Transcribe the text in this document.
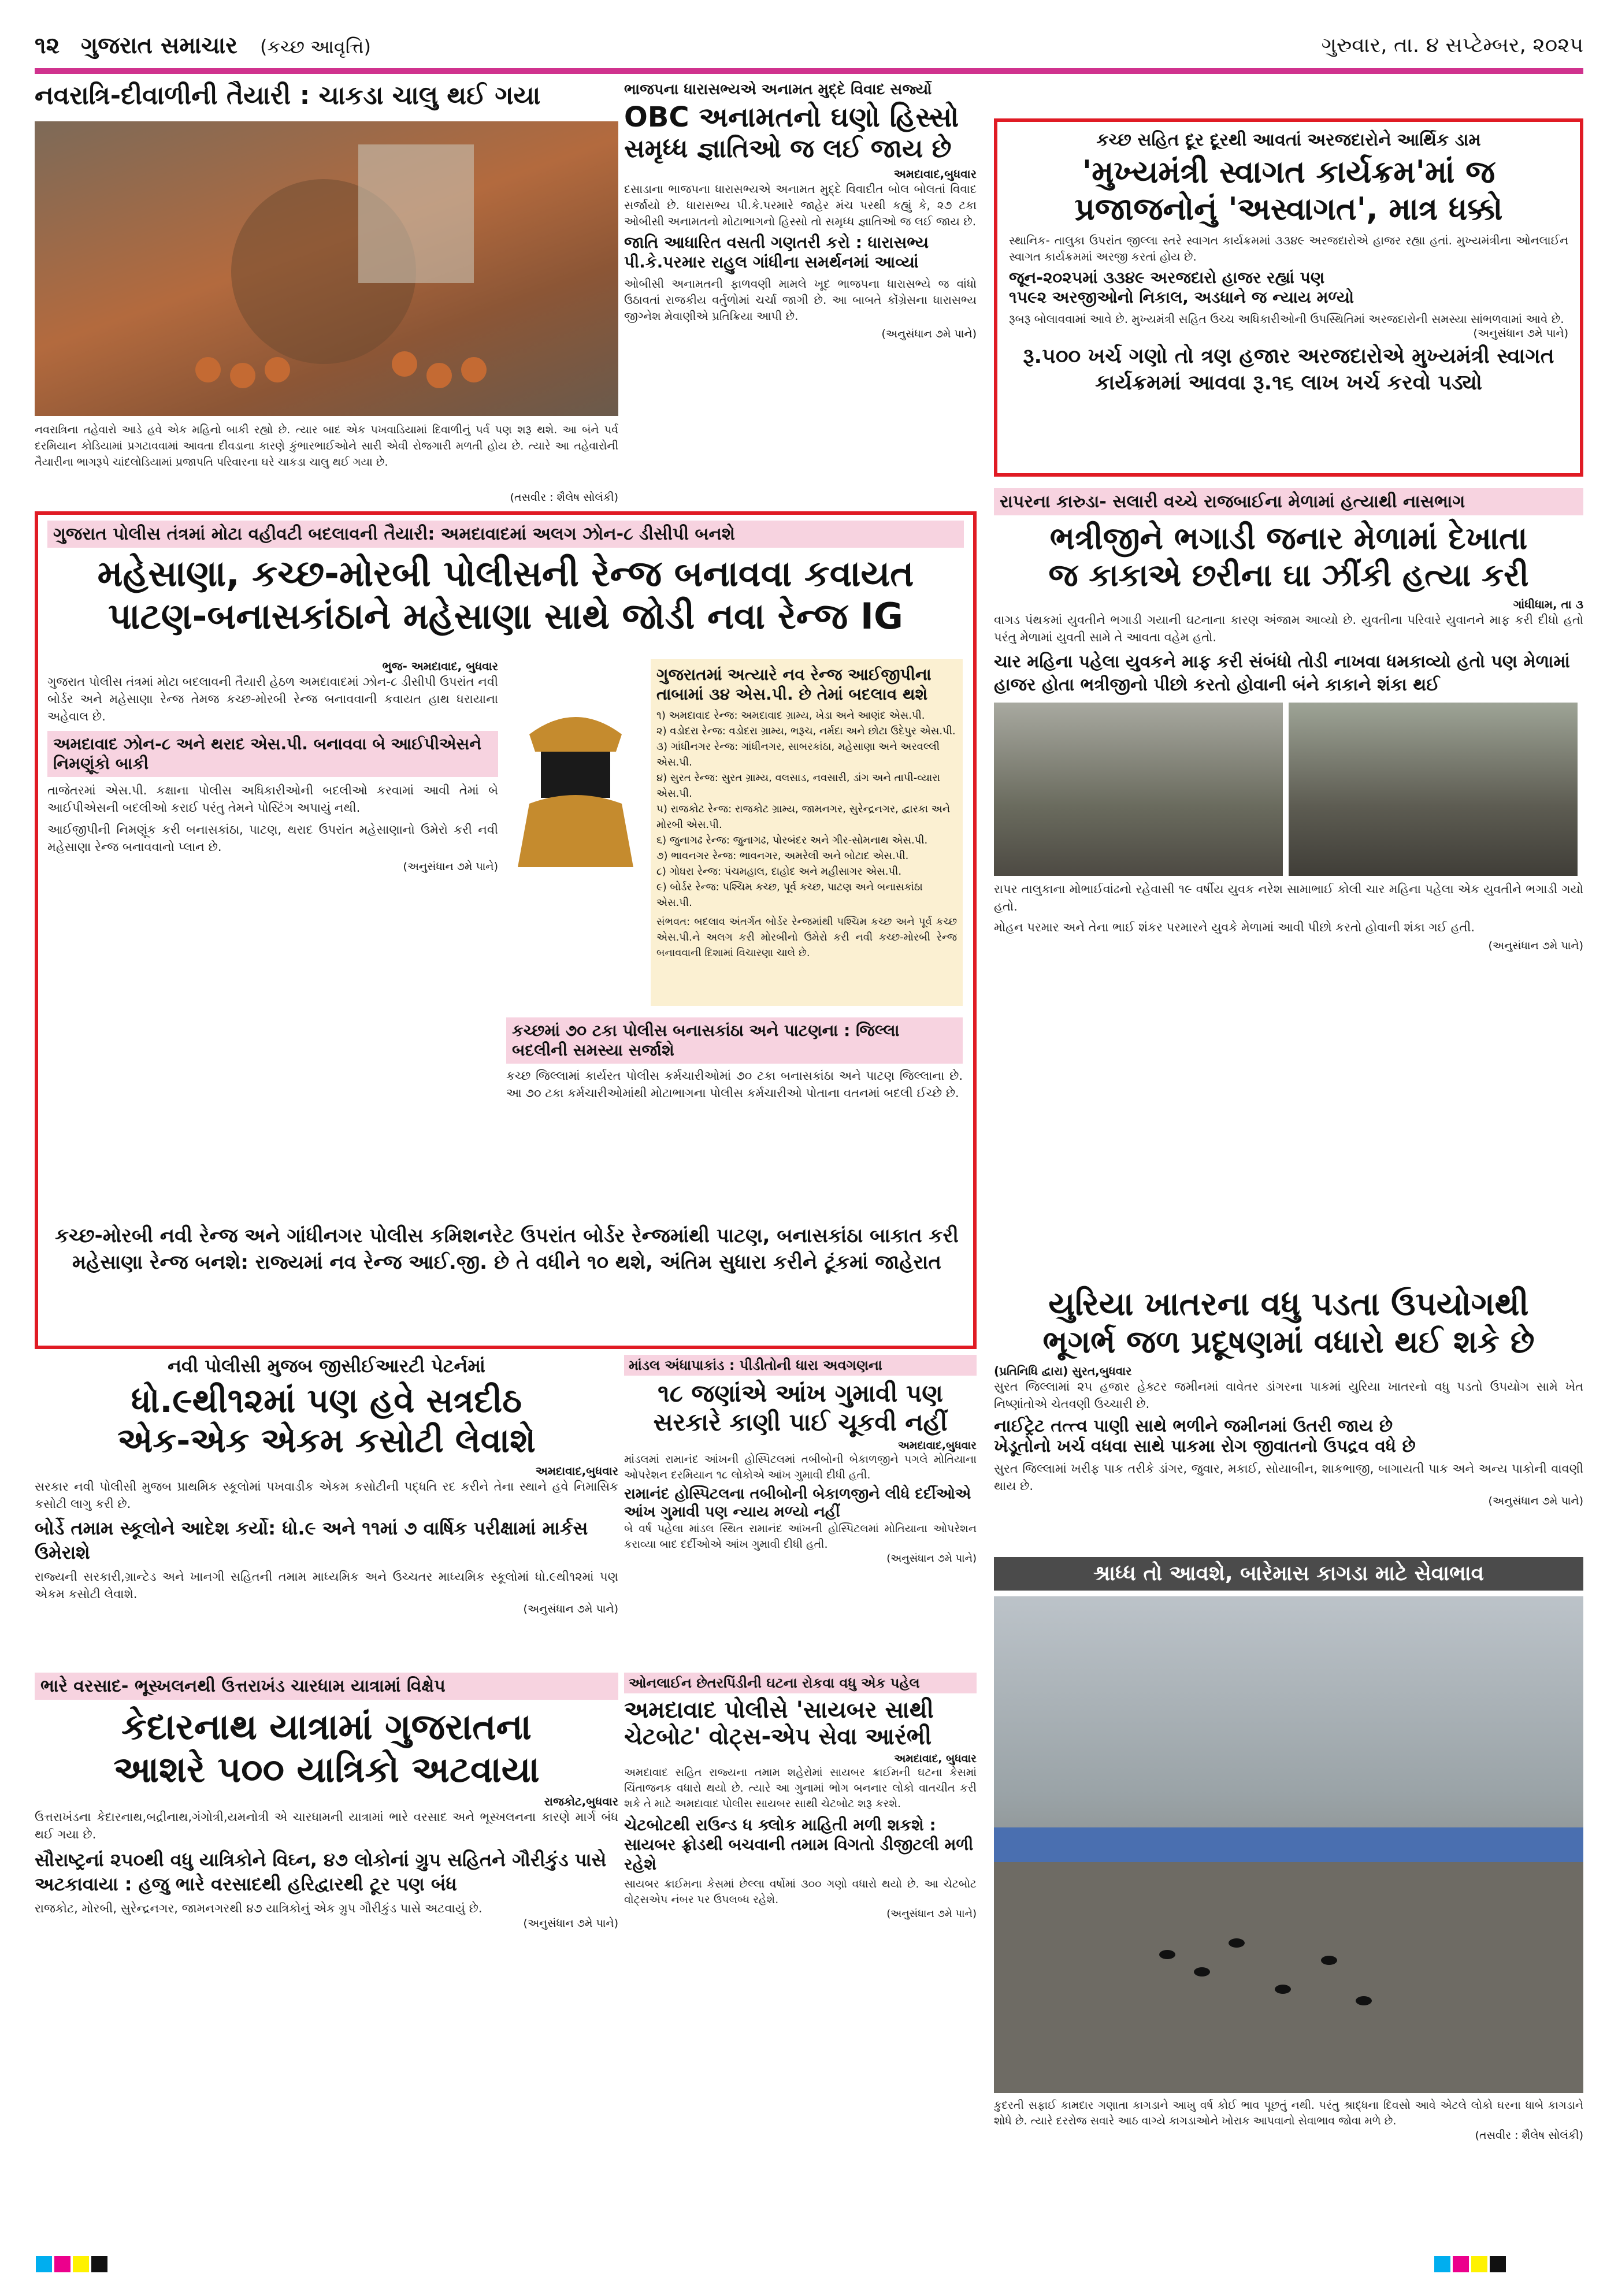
૧૨ ગુજરાત સમાચાર (કચ્છ આવૃત્તિ)	ગુરુવાર, તા. ૪ સપ્ટેમ્બર, ૨૦૨૫
નવરાત્રિ-દીવાળીની તૈયારી : ચાકડા ચાલુ થઈ ગયા
નવરાત્રિના તહેવારો આડે હવે એક મહિનો બાકી રહ્યો છે. ત્યાર બાદ એક પખવાડિયામાં દિવાળીનું પર્વ પણ શરૂ થશે. આ બંને પર્વ દરમિયાન કોડિયામાં પ્રગટાવવામાં આવતા દીવડાના કારણે કુંભારભાઈઓને સારી એવી રોજગારી મળતી હોય છે. ત્યારે આ તહેવારોની તૈયારીના ભાગરૂપે ચાંદલોડિયામાં પ્રજાપતિ પરિવારના ઘરે ચાકડા ચાલુ થઈ ગયા છે.
(તસવીર : શૈલેષ સોલંકી)
ભાજપના ધારાસભ્યએ અનામત મુદ્દે વિવાદ સર્જ્યો
OBC અનામતનો ઘણો હિસ્સો
સમૃધ્ધ જ્ઞાતિઓ જ લઈ જાય છે
અમદાવાદ,બુધવાર
દસાડાના ભાજપના ધારાસભ્યએ અનામત મુદ્દે વિવાદીત બોલ બોલતાં વિવાદ સર્જાયો છે. ધારાસભ્ય પી.કે.પરમારે જાહેર મંચ પરથી કહ્યું કે, ૨૭ ટકા ઓબીસી અનામતનો મોટાભાગનો હિસ્સો તો સમૃધ્ધ જ્ઞાતિઓ જ લઈ જાય છે.
જાતિ આધારિત વસતી ગણતરી કરો : ધારાસભ્ય
પી.કે.પરમાર રાહુલ ગાંધીના સમર્થનમાં આવ્યાં
ઓબીસી અનામતની ફાળવણી મામલે ખૂદ ભાજપના ધારાસભ્યે જ વાંધો ઉઠાવતાં રાજકીય વર્તુળોમાં ચર્ચા જાગી છે. આ બાબતે કોંગ્રેસના ધારાસભ્ય જીગ્નેશ મેવાણીએ પ્રતિક્રિયા આપી છે.
(અનુસંધાન ૭મે પાને)
કચ્છ સહિત દૂર દૂરથી આવતાં અરજદારોને આર્થિક ડામ
'મુખ્યમંત્રી સ્વાગત કાર્યક્રમ'માં જ
પ્રજાજનોનું 'અસ્વાગત', માત્ર ધક્કો
સ્થાનિક- તાલુકા ઉપરાંત જીલ્લા સ્તરે સ્વાગત કાર્યક્રમમાં ૩૩૪૯ અરજદારોએ હાજર રહ્યા હતાં. મુખ્યમંત્રીના ઓનલાઈન સ્વાગત કાર્યક્રમમાં અરજી કરતાં હોય છે.
જૂન-૨૦૨૫માં ૩૩૪૯ અરજદારો હાજર રહ્યાં પણ
૧૫૯૨ અરજીઓનો નિકાલ, અડધાને જ ન્યાય મળ્યો
રૂબરૂ બોલાવવામાં આવે છે. મુખ્યમંત્રી સહિત ઉચ્ચ અધિકારીઓની ઉપસ્થિતિમાં અરજદારોની સમસ્યા સાંભળવામાં આવે છે.
(અનુસંધાન ૭મે પાને)
રૂ.૫૦૦ ખર્ચ ગણો તો ત્રણ હજાર અરજદારોએ મુખ્યમંત્રી સ્વાગત કાર્યક્રમમાં આવવા રૂ.૧૬ લાખ ખર્ચ કરવો પડ્યો
ગુજરાત પોલીસ તંત્રમાં મોટા વહીવટી બદલાવની તૈયારી: અમદાવાદમાં અલગ ઝોન-૮ ડીસીપી બનશે
મહેસાણા, કચ્છ-મોરબી પોલીસની રેન્જ બનાવવા કવાયત
પાટણ-બનાસકાંઠાને મહેસાણા સાથે જોડી નવા રેન્જ IG
ભુજ- અમદાવાદ, બુધવાર
ગુજરાત પોલીસ તંત્રમાં મોટા બદલાવની તૈયારી હેઠળ અમદાવાદમાં ઝોન-૮ ડીસીપી ઉપરાંત નવી બોર્ડર અને મહેસાણા રેન્જ તેમજ કચ્છ-મોરબી રેન્જ બનાવવાની કવાયત હાથ ધરાયાના અહેવાલ છે.
અમદાવાદ ઝોન-૮ અને થરાદ એસ.પી. બનાવવા બે આઈપીએસને નિમણૂંકો બાકી
તાજેતરમાં એસ.પી. કક્ષાના પોલીસ અધિકારીઓની બદલીઓ કરવામાં આવી તેમાં બે આઈપીએસની બદલીઓ કરાઈ પરંતુ તેમને પોસ્ટિંગ અપાયું નથી.
આઈજીપીની નિમણૂંક કરી બનાસકાંઠા, પાટણ, થરાદ ઉપરાંત મહેસાણાનો ઉમેરો કરી નવી મહેસાણા રેન્જ બનાવવાનો પ્લાન છે.
(અનુસંધાન ૭મે પાને)
ગુજરાતમાં અત્યારે નવ રેન્જ આઈજીપીના તાબામાં ૩૪ એસ.પી. છે તેમાં બદલાવ થશે
૧) અમદાવાદ રેન્જ: અમદાવાદ ગ્રામ્ય, ખેડા અને આણંદ એસ.પી.
૨) વડોદરા રેન્જ: વડોદરા ગ્રામ્ય, ભરૂચ, નર્મદા અને છોટા ઉદેપુર એસ.પી.
૩) ગાંધીનગર રેન્જ: ગાંધીનગર, સાબરકાંઠા, મહેસાણા અને અરવલ્લી એસ.પી.
૪) સુરત રેન્જ: સુરત ગ્રામ્ય, વલસાડ, નવસારી, ડાંગ અને તાપી-વ્યારા એસ.પી.
૫) રાજકોટ રેન્જ: રાજકોટ ગ્રામ્ય, જામનગર, સુરેન્દ્રનગર, દ્વારકા અને મોરબી એસ.પી.
૬) જુનાગઢ રેન્જ: જુનાગઢ, પોરબંદર અને ગીર-સોમનાથ એસ.પી.
૭) ભાવનગર રેન્જ: ભાવનગર, અમરેલી અને બોટાદ એસ.પી.
૮) ગોધરા રેન્જ: પંચમહાલ, દાહોદ અને મહીસાગર એસ.પી.
૯) બોર્ડર રેન્જ: પશ્ચિમ કચ્છ, પૂર્વ કચ્છ, પાટણ અને બનાસકાંઠા એસ.પી.
સંભવત: બદલાવ અંતર્ગત બોર્ડર રેન્જમાંથી પશ્ચિમ કચ્છ અને પૂર્વ કચ્છ એસ.પી.ને અલગ કરી મોરબીનો ઉમેરો કરી નવી કચ્છ-મોરબી રેન્જ બનાવવાની દિશામાં વિચારણા ચાલે છે.
કચ્છમાં ૭૦ ટકા પોલીસ બનાસકાંઠા અને પાટણના : જિલ્લા બદલીની સમસ્યા સર્જાશે
કચ્છ જિલ્લામાં કાર્યરત પોલીસ કર્મચારીઓમાં ૭૦ ટકા બનાસકાંઠા અને પાટણ જિલ્લાના છે. આ ૭૦ ટકા કર્મચારીઓમાંથી મોટાભાગના પોલીસ કર્મચારીઓ પોતાના વતનમાં બદલી ઈચ્છે છે.
કચ્છ-મોરબી નવી રેન્જ અને ગાંધીનગર પોલીસ કમિશનરેટ ઉપરાંત બોર્ડર રેન્જમાંથી પાટણ, બનાસકાંઠા બાકાત કરી મહેસાણા રેન્જ બનશે: રાજ્યમાં નવ રેન્જ આઈ.જી. છે તે વધીને ૧૦ થશે, અંતિમ સુધારા કરીને ટૂંકમાં જાહેરાત
રાપરના કારુડા- સલારી વચ્ચે રાજબાઈના મેળામાં હત્યાથી નાસભાગ
ભત્રીજીને ભગાડી જનાર મેળામાં દેખાતા
જ કાકાએ છરીના ઘા ઝીંકી હત્યા કરી
ગાંધીધામ, તા ૩
વાગડ પંથકમાં યુવતીને ભગાડી ગયાની ઘટનાના કારણ અંજામ આવ્યો છે. યુવતીના પરિવારે યુવાનને માફ કરી દીધો હતો પરંતુ મેળામાં યુવતી સામે તે આવતા વહેમ હતો.
ચાર મહિના પહેલા યુવકને માફ કરી સંબંધો તોડી નાખવા ધમકાવ્યો હતો પણ મેળામાં હાજર હોતા ભત્રીજીનો પીછો કરતો હોવાની બંને કાકાને શંકા થઈ
રાપર તાલુકાના મોભાઈવાંઢનો રહેવાસી ૧૯ વર્ષીય યુવક નરેશ સામાભાઈ કોલી ચાર મહિના પહેલા એક યુવતીને ભગાડી ગયો હતો.
મોહન પરમાર અને તેના ભાઈ શંકર પરમારને યુવકે મેળામાં આવી પીછો કરતો હોવાની શંકા ગઈ હતી.
(અનુસંધાન ૭મે પાને)
યુરિયા ખાતરના વધુ પડતા ઉપયોગથી
ભૂગર્ભ જળ પ્રદૂષણમાં વધારો થઈ શકે છે
(પ્રતિનિધિ દ્વારા) સુરત,બુધવાર
સુરત જિલ્લામાં ૨૫ હજાર હેક્ટર જમીનમાં વાવેતર ડાંગરના પાકમાં યુરિયા ખાતરનો વધુ પડતો ઉપયોગ સામે ખેત નિષ્ણાંતોએ ચેતવણી ઉચ્ચારી છે.
નાઈટ્રેટ તત્ત્વ પાણી સાથે ભળીને જમીનમાં ઉતરી જાય છે
ખેડૂતોનો ખર્ચ વધવા સાથે પાકમા રોગ જીવાતનો ઉપદ્રવ વધે છે
સુરત જિલ્લામાં ખરીફ પાક તરીકે ડાંગર, જુવાર, મકાઈ, સોયાબીન, શાકભાજી, બાગાયતી પાક અને અન્ય પાકોની વાવણી થાય છે.
(અનુસંધાન ૭મે પાને)
નવી પોલીસી મુજબ જીસીઈઆરટી પેટર્નમાં
ધો.૯થી૧૨માં પણ હવે સત્રદીઠ
એક-એક એકમ કસોટી લેવાશે
અમદાવાદ,બુધવાર
સરકાર નવી પોલીસી મુજબ પ્રાથમિક સ્કૂલોમાં પખવાડીક એકમ કસોટીની પદ્ધતિ રદ કરીને તેના સ્થાને હવે નિમાસિક કસોટી લાગુ કરી છે.
બોર્ડે તમામ સ્કૂલોને આદેશ કર્યો: ધો.૯ અને ૧૧માં ૭ વાર્ષિક પરીક્ષામાં માર્કસ ઉમેરાશે
રાજ્યની સરકારી,ગ્રાન્ટેડ અને ખાનગી સહિતની તમામ માધ્યમિક અને ઉચ્ચતર માધ્યમિક સ્કૂલોમાં ધો.૯થી૧૨માં પણ એકમ કસોટી લેવાશે.
(અનુસંધાન ૭મે પાને)
માંડલ અંધાપાકાંડ : પીડીતોની ધારા અવગણના
૧૮ જણાંએ આંખ ગુમાવી પણ
સરકારે કાણી પાઈ ચૂકવી નહીં
અમદાવાદ,બુધવાર
માંડલમાં રામાનંદ આંખની હોસ્પિટલમાં તબીબોની બેકાળજીને પગલે મોતિયાના ઓપરેશન દરમિયાન ૧૮ લોકોએ આંખ ગુમાવી દીધી હતી.
રામાનંદ હોસ્પિટલના તબીબોની બેકાળજીને લીધે દર્દીઓએ આંખ ગુમાવી પણ ન્યાય મળ્યો નહીં
બે વર્ષ પહેલા માંડલ સ્થિત રામાનંદ આંખની હોસ્પિટલમાં મોતિયાના ઓપરેશન કરાવ્યા બાદ દર્દીઓએ આંખ ગુમાવી દીધી હતી.
(અનુસંધાન ૭મે પાને)
ભારે વરસાદ- ભૂસ્ખલનથી ઉત્તરાખંડ ચારધામ યાત્રામાં વિક્ષેપ
કેદારનાથ યાત્રામાં ગુજરાતના
આશરે ૫૦૦ યાત્રિકો અટવાયા
રાજકોટ,બુધવાર
ઉત્તરાખંડના કેદારનાથ,બદ્રીનાથ,ગંગોત્રી,યમનોત્રી એ ચારધામની યાત્રામાં ભારે વરસાદ અને ભૂસ્ખલનના કારણે માર્ગ બંધ થઈ ગયા છે.
સૌરાષ્ટ્રનાં ૨૫૦થી વધુ યાત્રિકોને વિઘ્ન, ૪૭ લોકોનાં ગ્રુપ સહિતને ગૌરીકુંડ પાસે અટકાવાયા : હજુ ભારે વરસાદથી હરિદ્વારથી ટૂર પણ બંધ
રાજકોટ, મોરબી, સુરેન્દ્રનગર, જામનગરથી ૪૭ યાત્રિકોનું એક ગ્રુપ ગૌરીકુંડ પાસે અટવાયું છે.
(અનુસંધાન ૭મે પાને)
ઓનલાઈન છેતરપિંડીની ઘટના રોકવા વધુ એક પહેલ
અમદાવાદ પોલીસે 'સાયબર સાથી
ચેટબોટ' વોટ્સ-એપ સેવા આરંભી
અમદાવાદ, બુધવાર
અમદાવાદ સહિત રાજ્યના તમામ શહેરોમાં સાયબર ક્રાઈમની ઘટના કેસમાં ચિંતાજનક વધારો થયો છે. ત્યારે આ ગુનામાં ભોગ બનનાર લોકો વાતચીત કરી શકે તે માટે અમદાવાદ પોલીસ સાયબર સાથી ચેટબોટ શરૂ કરશે.
ચેટબોટથી રાઉન્ડ ધ ક્લોક માહિતી મળી શકશે : સાયબર ફ્રોડથી બચવાની તમામ વિગતો ડીજીટલી મળી રહેશે
સાયબર ક્રાઈમના કેસમાં છેલ્લા વર્ષોમાં ૩૦૦ ગણો વધારો થયો છે. આ ચેટબોટ વોટ્સએપ નંબર પર ઉપલબ્ધ રહેશે.
(અનુસંધાન ૭મે પાને)
શ્રાધ્ધ તો આવશે, બારેમાસ કાગડા માટે સેવાભાવ
કુદરતી સફાઈ કામદાર ગણાતા કાગડાને આખુ વર્ષ કોઈ ભાવ પૂછતું નથી. પરંતુ શ્રાદ્ધના દિવસો આવે એટલે લોકો ઘરના ધાબે કાગડાને શોધે છે. ત્યારે દરરોજ સવારે આઠ વાગ્યે કાગડાઓને ખોરાક આપવાનો સેવાભાવ જોવા મળે છે.
(તસવીર : શૈલેષ સોલંકી)
